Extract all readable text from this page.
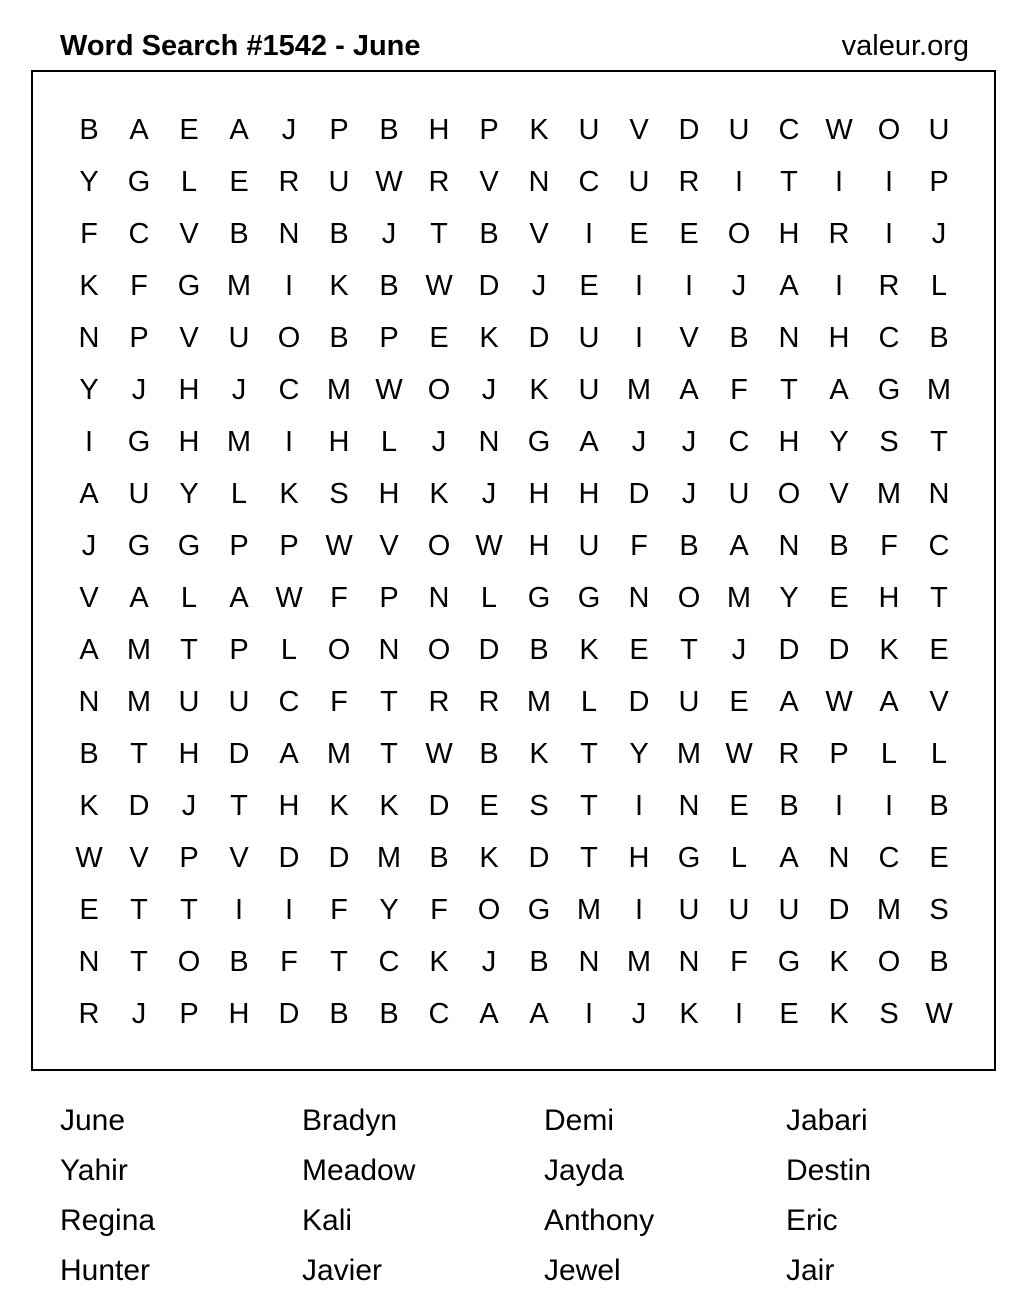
Word Search #1542 - June	valeur.org
B	A	E	A	J	P	B	H	P	K	U	V	D	U	C W O U
Y	G	L	E	R	U W R	V	N	C	U	R	I	T	I	I	P
F	C	V	B	N	B	J	T	B	V	I	E	E	O H	R	I	J
K	F	G M	I	K	B W D	J	E	I	I	J	A	I	R	L
N	P	V	U O	B	P	E	K	D	U	I	V	B	N	H	C	B
Y	J	H	J	C M W O	J	K	U M A	F	T	A	G M
I	G H M	I	H	L	J	N G	A	J	J	C	H	Y	S	T
A	U	Y	L	K	S	H	K	J	H	H	D	J	U O	V M N
J	G G	P	P W V	O W H	U	F	B	A	N	B	F	C
V	A	L	A W F	P	N	L	G G N O M Y	E	H	T
A M	T	P	L	O N O D	B	K	E	T	J	D	D	K	E
N M U	U	C	F	T	R	R M	L	D	U	E	A W A	V
B	T	H	D	A M	T W B	K	T	Y M W R	P	L	L
K	D	J	T	H	K	K	D	E	S	T	I	N	E	B	I	I	B
W V	P	V	D	D M B	K	D	T	H G	L	A	N	C	E
E	T	T	I	I	F	Y	F	O G M	I	U	U	U	D M S
N	T	O	B	F	T	C	K	J	B	N M N	F	G	K	O	B
R	J	P	H	D	B	B	C	A	A	I	J	K	I	E	K	S W
June	Bradyn	Demi	Jabari
Yahir	Meadow	Jayda	Destin
Regina	Kali	Anthony	Eric
Hunter	Javier	Jewel	Jair
